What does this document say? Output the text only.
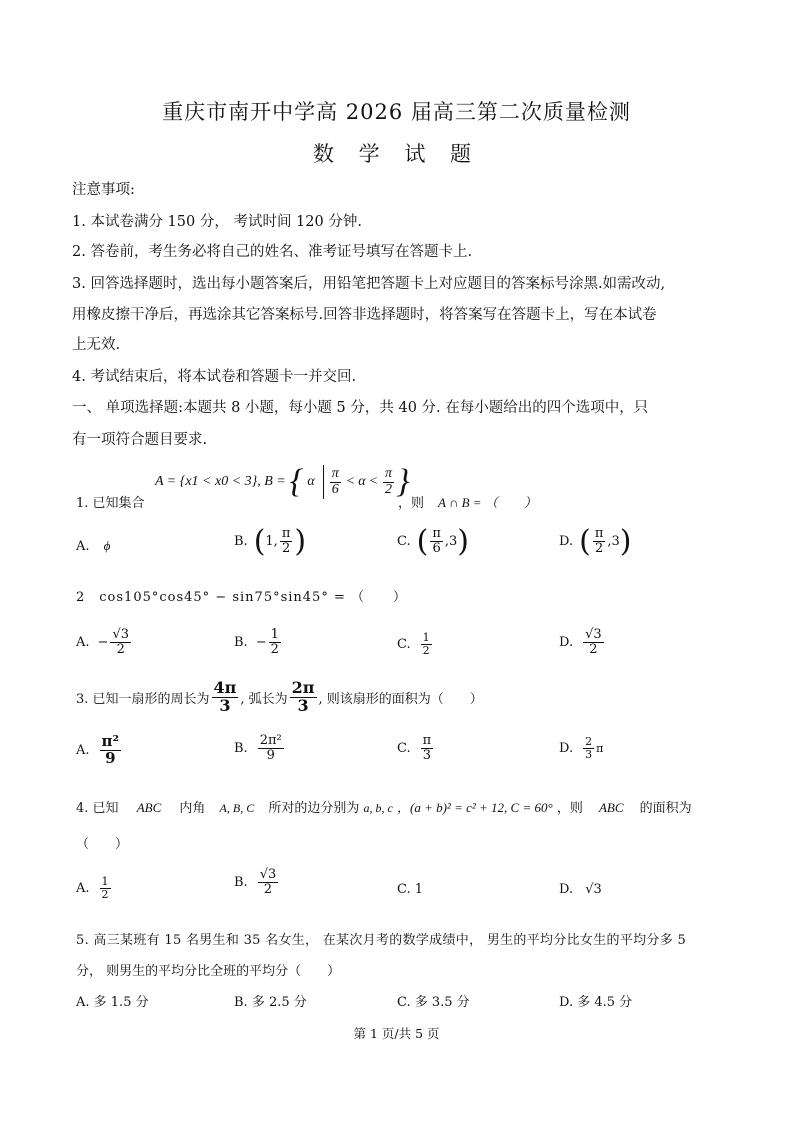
重庆市南开中学高 2026 届高三第二次质量检测
数 学 试 题
注意事项:
1. 本试卷满分 150 分， 考试时间 120 分钟.
2. 答卷前，考生务必将自己的姓名、准考证号填写在答题卡上.
3. 回答选择题时，选出每小题答案后，用铅笔把答题卡上对应题目的答案标号涂黑.如需改动,
用橡皮擦干净后，再选涂其它答案标号.回答非选择题时，将答案写在答题卡上，写在本试卷
上无效.
4. 考试结束后，将本试卷和答题卡一并交回.
一、 单项选择题:本题共 8 小题，每小题 5 分，共 40 分. 在每小题给出的四个选项中，只
有一项符合题目要求.
1. 已知集合
A = {x1 < x0 < 3}, B = { α $\frac{\pi}{6} < \alpha < \frac{\pi}{2}$ }
，则 A ∩ B = （　　）
A. ϕ	B. ( 1, $\frac{\pi}{2}$ )	C. ( $\frac{\pi}{6} ,3$ )	D. ( $\frac{\pi}{2} ,3$ )
2　cos105°cos45° − sin75°sin45° = （　　）
A. − $\frac{√3}{2}$	B. − $\frac{1}{2}$	C. $\frac{1}{2}$	D. $\frac{√3}{2}$
3. 已知一扇形的周长为 $\frac{4\pi}{3}$ , 弧长为 $\frac{2\pi}{3}$ , 则该扇形的面积为（　　）
A. $\frac{\text{π²}}{9}$	B. $\frac{\text{2π²}}{9}$	C. $\frac{\pi}{3}$	D. $\frac{2}{3}$ π
4. 已知 ABC 内角 A, B, C 所对的边分别为 a, b, c ，(a + b)² = c² + 12, C = 60° ，则 ABC 的面积为
（　　）
A. $\frac{1}{2}$	B. $\frac{√3}{2}$	C. 1	D. √3
5. 高三某班有 15 名男生和 35 名女生， 在某次月考的数学成绩中， 男生的平均分比女生的平均分多 5
分， 则男生的平均分比全班的平均分（　　）
A. 多 1.5 分	B. 多 2.5 分	C. 多 3.5 分	D. 多 4.5 分
第 1 页/共 5 页
